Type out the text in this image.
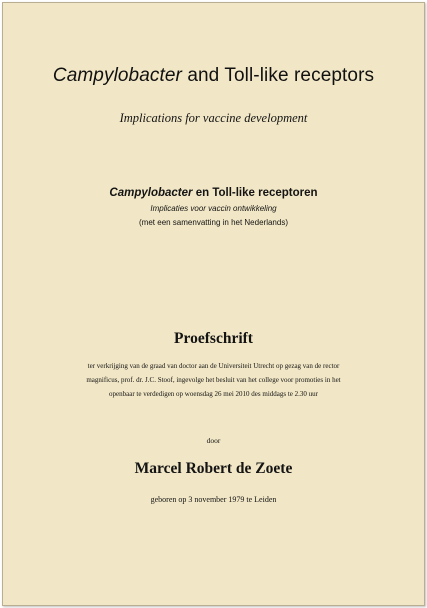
Campylobacter and Toll-like receptors
Implications for vaccine development
Campylobacter en Toll-like receptoren
Implicaties voor vaccin ontwikkeling
(met een samenvatting in het Nederlands)
Proefschrift
ter verkrijging van de graad van doctor aan de Universiteit Utrecht op gezag van de rector
magnificus, prof. dr. J.C. Stoof, ingevolge het besluit van het college voor promoties in het
openbaar te verdedigen op woensdag 26 mei 2010 des middags te 2.30 uur
door
Marcel Robert de Zoete
geboren op 3 november 1979 te Leiden
